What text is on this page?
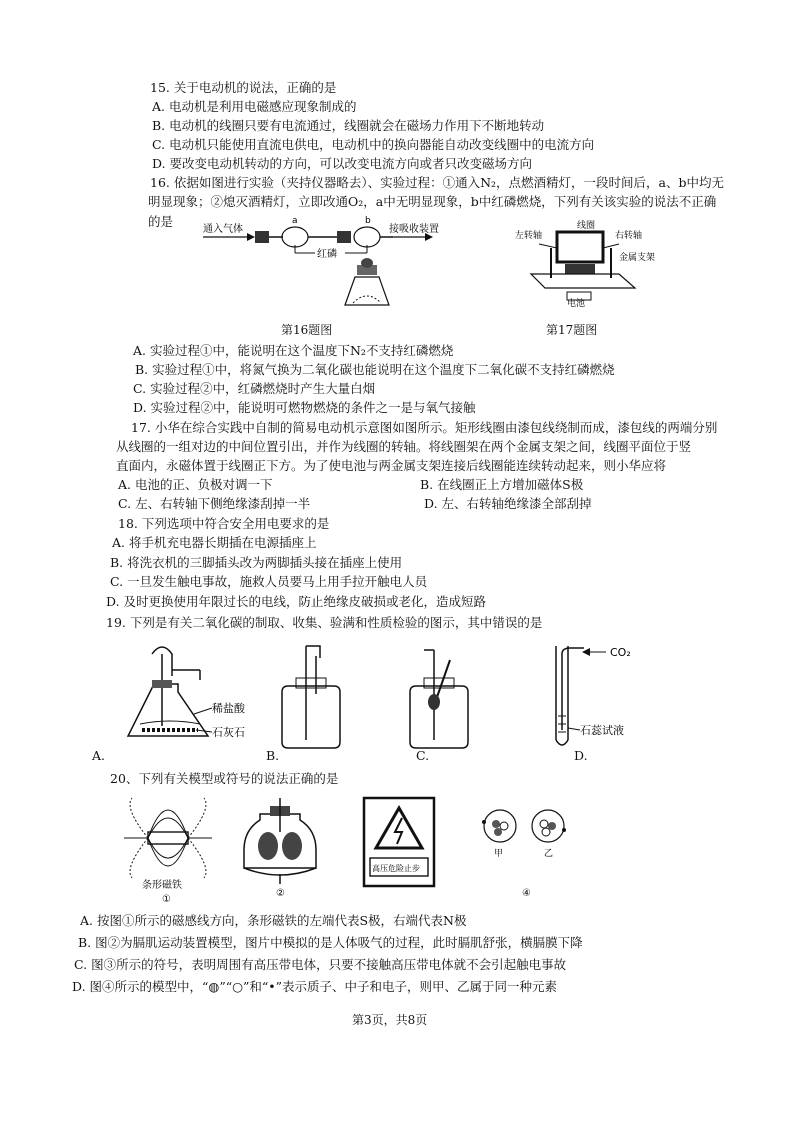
15. 关于电动机的说法，正确的是
A. 电动机是利用电磁感应现象制成的
B. 电动机的线圈只要有电流通过，线圈就会在磁场力作用下不断地转动
C. 电动机只能使用直流电供电，电动机中的换向器能自动改变线圈中的电流方向
D. 要改变电动机转动的方向，可以改变电流方向或者只改变磁场方向
16. 依据如图进行实验（夹持仪器略去）、实验过程：①通入N₂，点燃酒精灯，一段时间后，a、b中均无
明显现象；②熄灭酒精灯，立即改通O₂，a中无明显现象，b中红磷燃烧，下列有关该实验的说法不正确
的是
通入气体	接吸收装置
a	b
红磷
左转轴
线圈
右转轴
金属支架
电池
第16题图	第17题图
A. 实验过程①中，能说明在这个温度下N₂不支持红磷燃烧
B. 实验过程①中，将氮气换为二氧化碳也能说明在这个温度下二氧化碳不支持红磷燃烧
C. 实验过程②中，红磷燃烧时产生大量白烟
D. 实验过程②中，能说明可燃物燃烧的条件之一是与氧气接触
17. 小华在综合实践中自制的简易电动机示意图如图所示。矩形线圈由漆包线绕制而成，漆包线的两端分别
从线圈的一组对边的中间位置引出，并作为线圈的转轴。将线圈架在两个金属支架之间，线圈平面位于竖
直面内，永磁体置于线圈正下方。为了使电池与两金属支架连接后线圈能连续转动起来，则小华应将
A. 电池的正、负极对调一下	B. 在线圈正上方增加磁体S极
C. 左、右转轴下侧绝缘漆刮掉一半	D. 左、右转轴绝缘漆全部刮掉
18. 下列选项中符合安全用电要求的是
A. 将手机充电器长期插在电源插座上
B. 将洗衣机的三脚插头改为两脚插头接在插座上使用
C. 一旦发生触电事故，施救人员要马上用手拉开触电人员
D. 及时更换使用年限过长的电线，防止绝缘皮破损或老化，造成短路
19. 下列是有关二氧化碳的制取、收集、验满和性质检验的图示，其中错误的是
稀盐酸
石灰石
CO₂
石蕊试液
A.	B.	C.	D.
20、下列有关模型或符号的说法正确的是
条形磁铁
①
②
高压危险止步
甲	乙
④
A. 按图①所示的磁感线方向，条形磁铁的左端代表S极，右端代表N极
B. 图②为膈肌运动装置模型，图片中模拟的是人体吸气的过程，此时膈肌舒张，横膈膜下降
C. 图③所示的符号，表明周围有高压带电体，只要不接触高压带电体就不会引起触电事故
D. 图④所示的模型中，“◍”“○”和“•”表示质子、中子和电子，则甲、乙属于同一种元素
第3页，共8页
